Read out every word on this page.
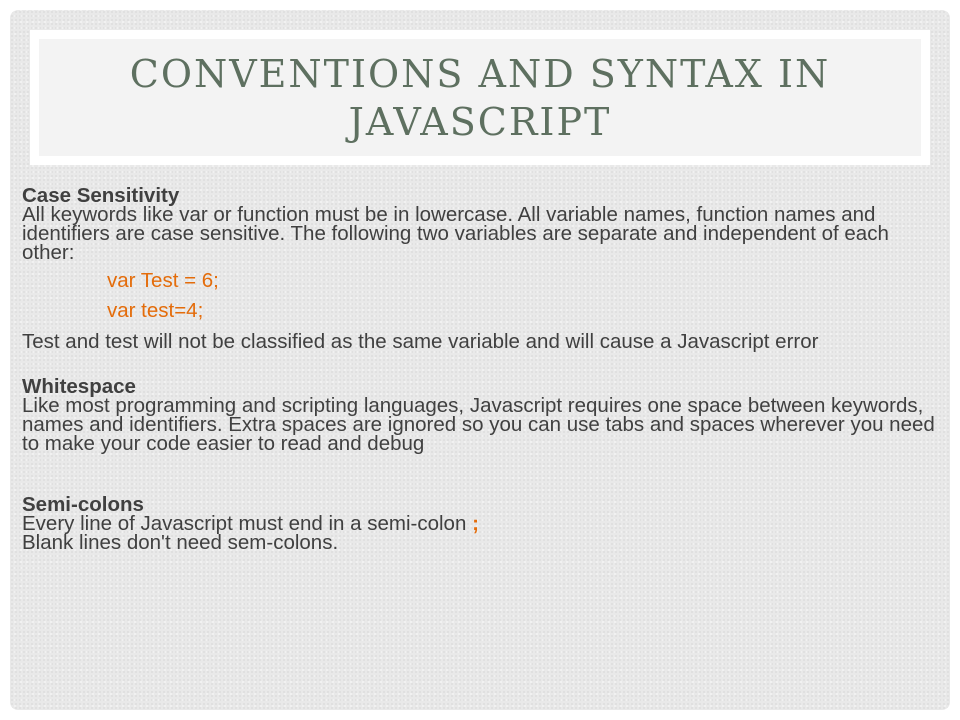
CONVENTIONS AND SYNTAX IN JAVASCRIPT

Case Sensitivity
All keywords like var or function must be in lowercase. All variable names, function names and identifiers are case sensitive. The following two variables are separate and independent of each other:

var Test = 6;

var test=4;

Test and test will not be classified as the same variable and will cause a Javascript error

Whitespace
Like most programming and scripting languages, Javascript requires one space between keywords, names and identifiers. Extra spaces are ignored so you can use tabs and spaces wherever you need to make your code easier to read and debug

Semi-colons
Every line of Javascript must end in a semi-colon ;
Blank lines don't need sem-colons.
